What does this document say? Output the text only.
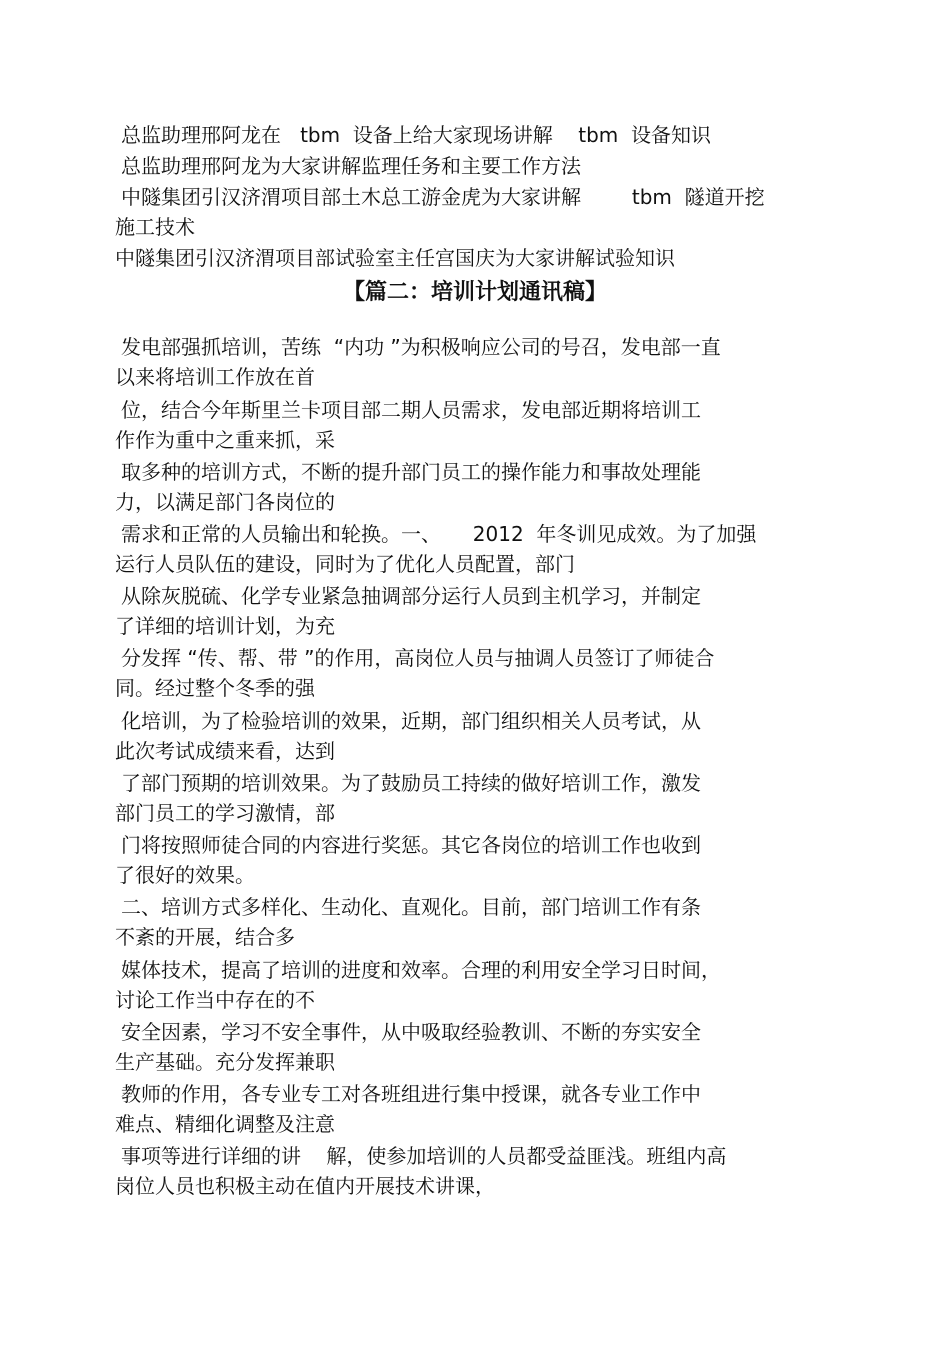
总监助理邢阿龙在   tbm  设备上给大家现场讲解    tbm  设备知识

总监助理邢阿龙为大家讲解监理任务和主要工作方法

中隧集团引汉济渭项目部土木总工游金虎为大家讲解        tbm  隧道开挖

施工技术

中隧集团引汉济渭项目部试验室主任宫国庆为大家讲解试验知识

【篇二：培训计划通讯稿】

发电部强抓培训，苦练  “内功 ”为积极响应公司的号召，发电部一直

以来将培训工作放在首

位，结合今年斯里兰卡项目部二期人员需求，发电部近期将培训工

作作为重中之重来抓，采

取多种的培训方式，不断的提升部门员工的操作能力和事故处理能

力，以满足部门各岗位的

需求和正常的人员输出和轮换。一、     2012  年冬训见成效。为了加强

运行人员队伍的建设，同时为了优化人员配置，部门

从除灰脱硫、化学专业紧急抽调部分运行人员到主机学习，并制定

了详细的培训计划，为充

分发挥 “传、帮、带 ”的作用，高岗位人员与抽调人员签订了师徒合

同。经过整个冬季的强

化培训，为了检验培训的效果，近期，部门组织相关人员考试，从

此次考试成绩来看，达到

了部门预期的培训效果。为了鼓励员工持续的做好培训工作，激发

部门员工的学习激情，部

门将按照师徒合同的内容进行奖惩。其它各岗位的培训工作也收到

了很好的效果。

二、培训方式多样化、生动化、直观化。目前，部门培训工作有条

不紊的开展，结合多

媒体技术，提高了培训的进度和效率。合理的利用安全学习日时间，

讨论工作当中存在的不

安全因素，学习不安全事件，从中吸取经验教训、不断的夯实安全

生产基础。充分发挥兼职

教师的作用，各专业专工对各班组进行集中授课，就各专业工作中

难点、精细化调整及注意

事项等进行详细的讲    解，使参加培训的人员都受益匪浅。班组内高

岗位人员也积极主动在值内开展技术讲课，
